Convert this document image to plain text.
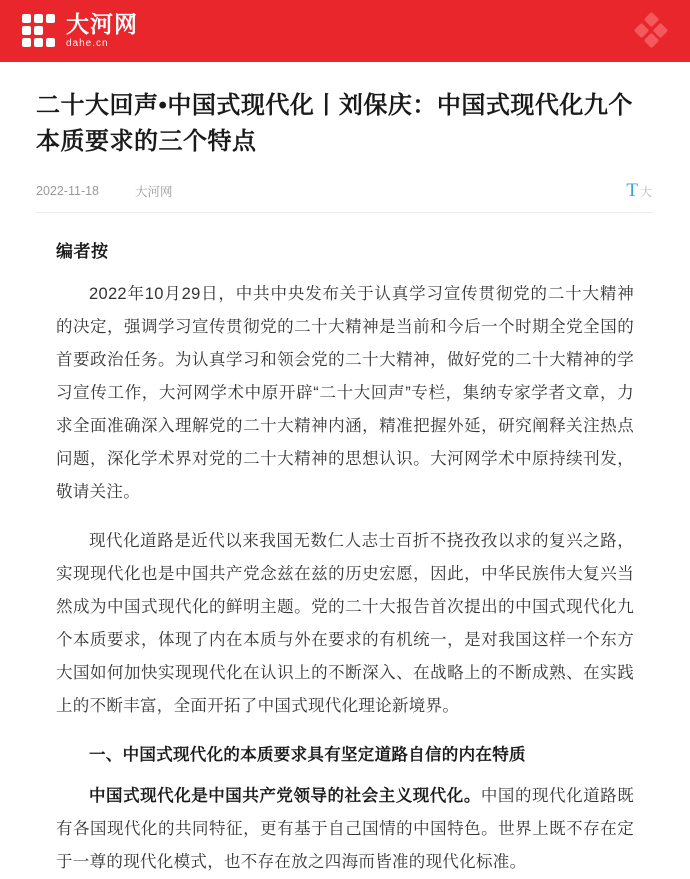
大河网
dahe.cn
二十大回声•中国式现代化丨刘保庆：中国式现代化九个本质要求的三个特点
2022-11-18	大河网	T 大
编者按

2022年10月29日，中共中央发布关于认真学习宣传贯彻党的二十大精神的决定，强调学习宣传贯彻党的二十大精神是当前和今后一个时期全党全国的首要政治任务。为认真学习和领会党的二十大精神，做好党的二十大精神的学习宣传工作，大河网学术中原开辟“二十大回声”专栏，集纳专家学者文章，力求全面准确深入理解党的二十大精神内涵，精准把握外延，研究阐释关注热点问题，深化学术界对党的二十大精神的思想认识。大河网学术中原持续刊发，敬请关注。

现代化道路是近代以来我国无数仁人志士百折不挠孜孜以求的复兴之路，实现现代化也是中国共产党念兹在兹的历史宏愿，因此，中华民族伟大复兴当然成为中国式现代化的鲜明主题。党的二十大报告首次提出的中国式现代化九个本质要求，体现了内在本质与外在要求的有机统一，是对我国这样一个东方大国如何加快实现现代化在认识上的不断深入、在战略上的不断成熟、在实践上的不断丰富，全面开拓了中国式现代化理论新境界。

一、中国式现代化的本质要求具有坚定道路自信的内在特质

中国式现代化是中国共产党领导的社会主义现代化。中国的现代化道路既有各国现代化的共同特征，更有基于自己国情的中国特色。世界上既不存在定于一尊的现代化模式，也不存在放之四海而皆准的现代化标准。
